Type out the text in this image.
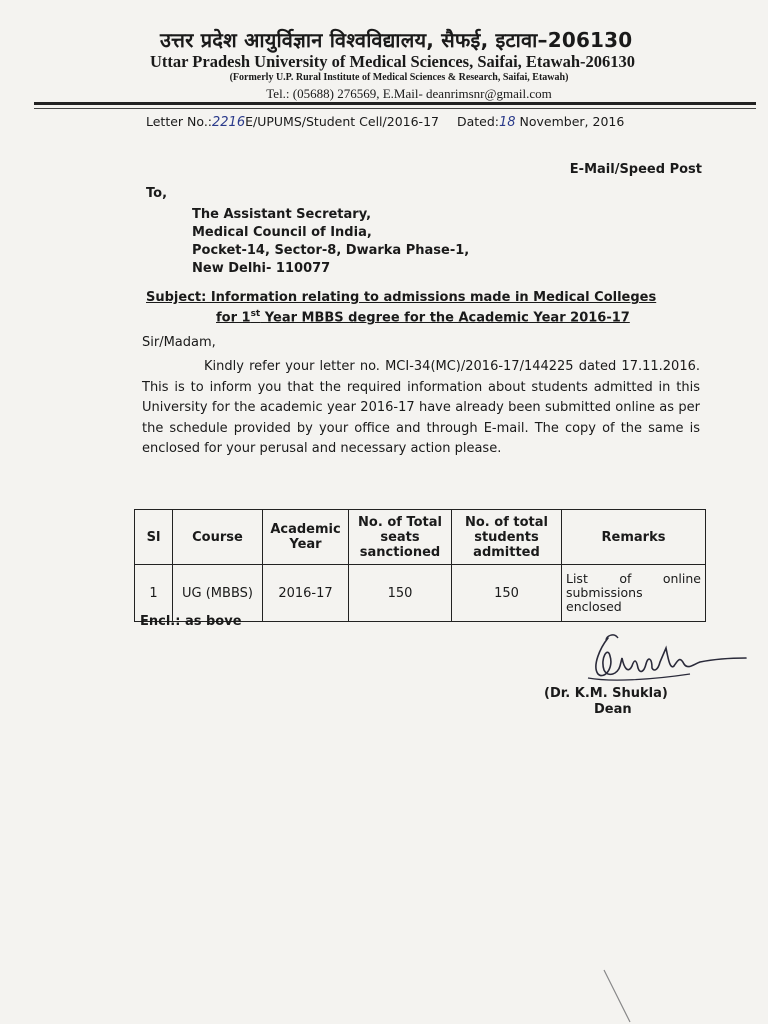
उत्तर प्रदेश आयुर्विज्ञान विश्वविद्यालय, सैफई, इटावा–206130
Uttar Pradesh University of Medical Sciences, Saifai, Etawah-206130
(Formerly U.P. Rural Institute of Medical Sciences & Research, Saifai, Etawah)
Tel.: (05688) 276569, E.Mail- deanrimsnr@gmail.com
Letter No.:2216E/UPUMS/Student Cell/2016-17 Dated:18 November, 2016
E-Mail/Speed Post
To,
The Assistant Secretary,
Medical Council of India,
Pocket-14, Sector-8, Dwarka Phase-1,
New Delhi- 110077
Subject: Information relating to admissions made in Medical Colleges
for 1st Year MBBS degree for the Academic Year 2016-17
Sir/Madam,
Kindly refer your letter no. MCI-34(MC)/2016-17/144225 dated 17.11.2016. This is to inform you that the required information about students admitted in this University for the academic year 2016-17 have already been submitted online as per the schedule provided by your office and through E-mail. The copy of the same is enclosed for your perusal and necessary action please.
Sl	Course	Academic Year	No. of Total seats sanctioned	No. of total students admitted	Remarks
1	UG (MBBS)	2016-17	150	150	List of online
submissions
enclosed
Encl.: as bove
(Dr. K.M. Shukla)
Dean
